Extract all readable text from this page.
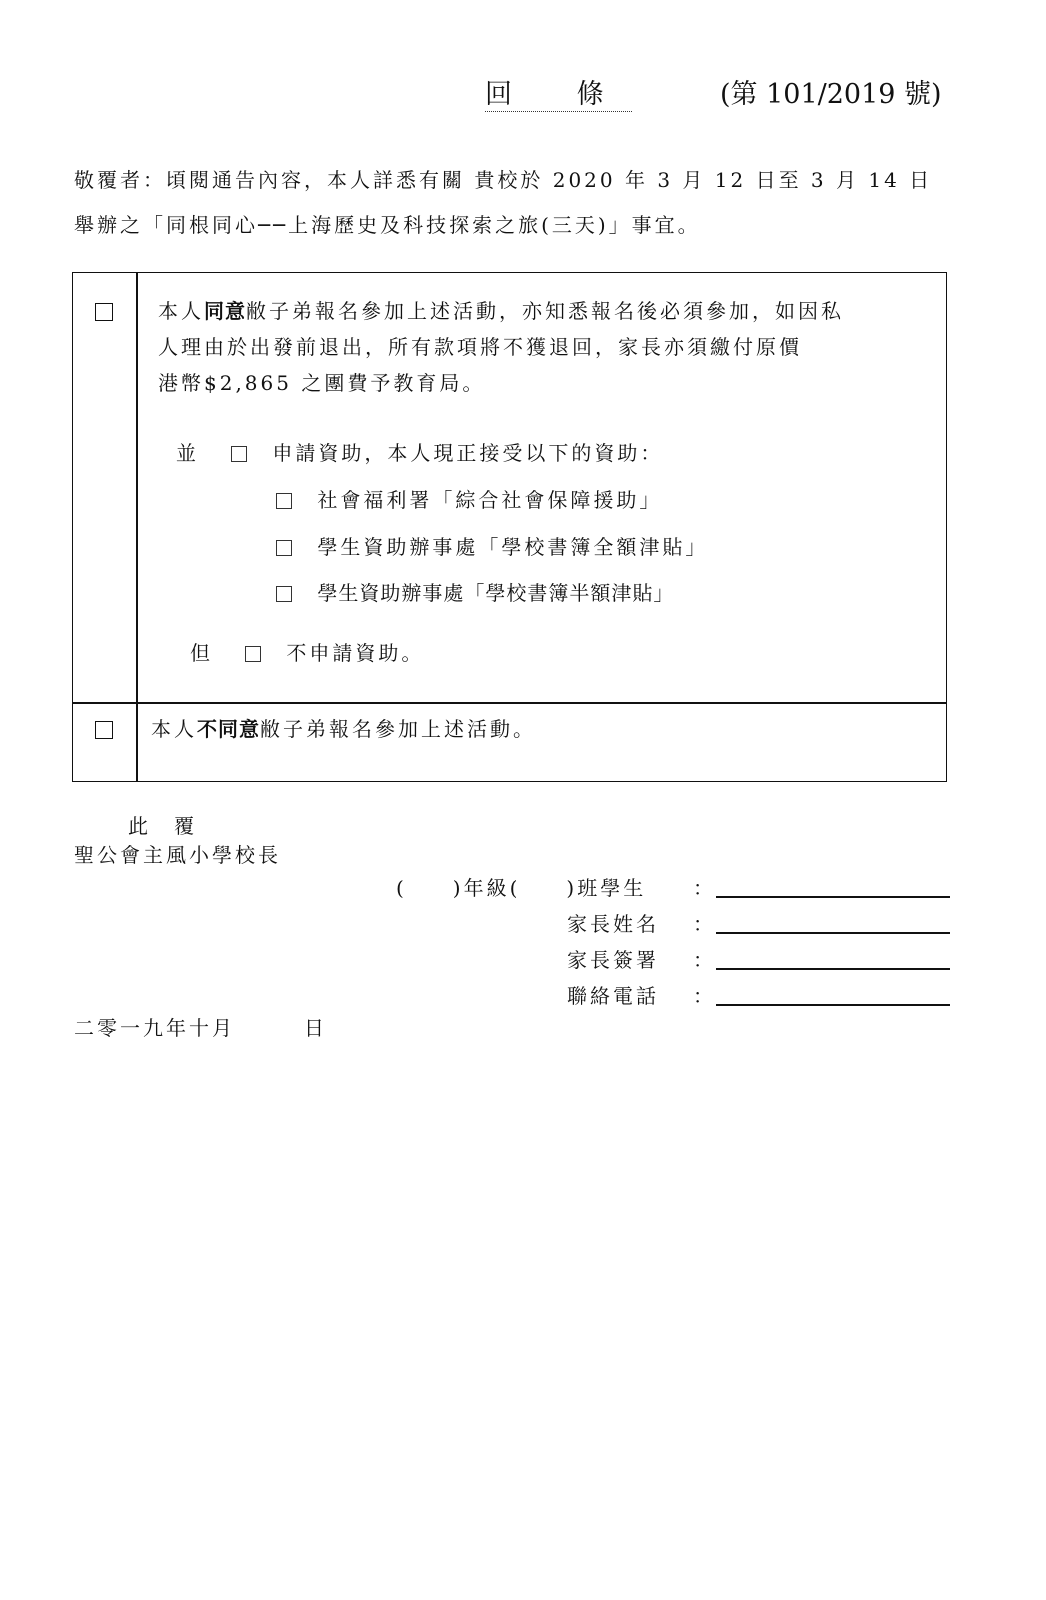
回 條	(第 101/2019 號)
敬覆者：頃閱通告內容，本人詳悉有關 貴校於 2020 年 3 月 12 日至 3 月 14 日
舉辦之「同根同心──上海歷史及科技探索之旅(三天)」事宜。
本人同意敝子弟報名參加上述活動，亦知悉報名後必須參加，如因私
人理由於出發前退出，所有款項將不獲退回，家長亦須繳付原價
港幣$2,865 之團費予教育局。
並	申請資助，本人現正接受以下的資助：
社會福利署「綜合社會保障援助」
學生資助辦事處「學校書簿全額津貼」
學生資助辦事處「學校書簿半額津貼」
但	不申請資助。
本人不同意敝子弟報名參加上述活動。
此　覆
聖公會主風小學校長
(　　)年級(　　)班學生 ：
家長姓名 ：
家長簽署 ：
聯絡電話 ：
二零一九年十月　　　日
